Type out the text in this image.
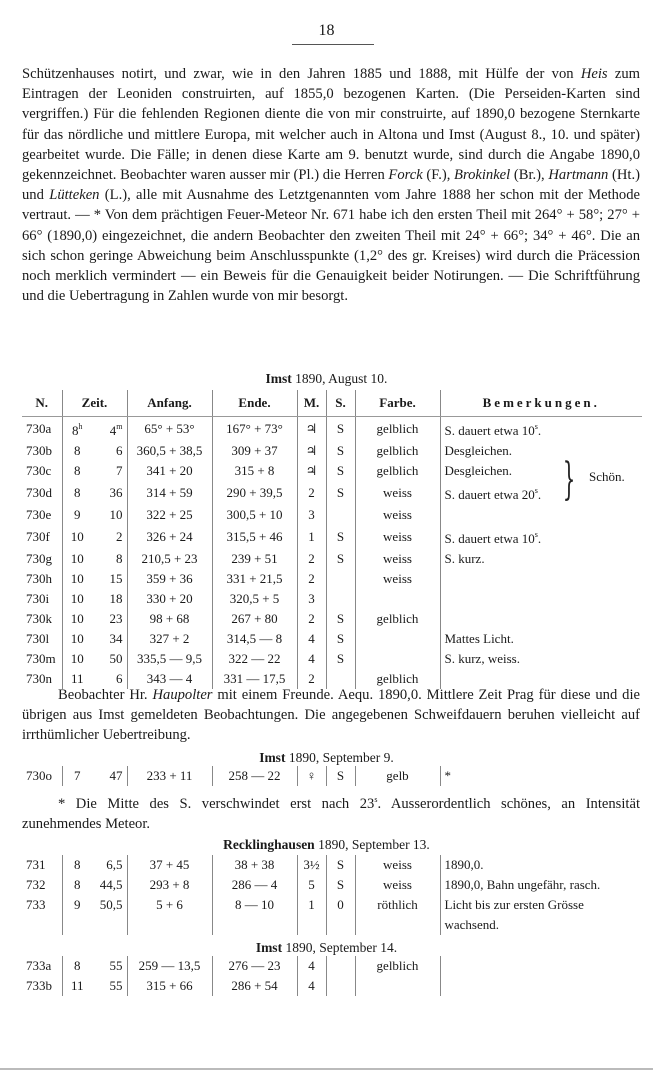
18
Schützenhauses notirt, und zwar, wie in den Jahren 1885 und 1888, mit Hülfe der von Heis zum Eintragen der Leoniden construirten, auf 1855,0 bezogenen Karten. (Die Perseiden-Karten sind vergriffen.) Für die fehlenden Regionen diente die von mir construirte, auf 1890,0 bezogene Sternkarte für das nördliche und mittlere Europa, mit welcher auch in Altona und Imst (August 8., 10. und später) gearbeitet wurde. Die Fälle; in denen diese Karte am 9. benutzt wurde, sind durch die Angabe 1890,0 gekennzeichnet. Beobachter waren ausser mir (Pl.) die Herren Forck (F.), Brokinkel (Br.), Hartmann (Ht.) und Lütteken (L.), alle mit Ausnahme des Letztgenannten vom Jahre 1888 her schon mit der Methode vertraut. — * Von dem prächtigen Feuer-Meteor Nr. 671 habe ich den ersten Theil mit 264° + 58°; 27° + 66° (1890,0) eingezeichnet, die andern Beobachter den zweiten Theil mit 24° + 66°; 34° + 46°. Die an sich schon geringe Abweichung beim Anschlusspunkte (1,2° des gr. Kreises) wird durch die Präcession noch merklich vermindert — ein Beweis für die Genauigkeit beider Notirungen. — Die Schriftführung und die Uebertragung in Zahlen wurde von mir besorgt.
Imst 1890, August 10.
N.	Zeit.		Anfang.	Ende.	M.	S.	Farbe.	Bemerkungen.
730a	8$^h$	4$^m$	65° + 53°	167° + 73°	♃	S	gelblich	S. dauert etwa 10$^s$.
730b	8	6	360,5 + 38,5	309 + 37	♃	S	gelblich	Desgleichen.
730c	8	7	341 + 20	315 + 8	♃	S	gelblich	Desgleichen.
730d	8	36	314 + 59	290 + 39,5	2	S	weiss	S. dauert etwa 20$^s$.
730e	9	10	322 + 25	300,5 + 10	3		weiss	
730f	10	2	326 + 24	315,5 + 46	1	S	weiss	S. dauert etwa 10$^s$.
730g	10	8	210,5 + 23	239 + 51	2	S	weiss	S. kurz.
730h	10	15	359 + 36	331 + 21,5	2		weiss	
730i	10	18	330 + 20	320,5 + 5	3			
730k	10	23	98 + 68	267 + 80	2	S	gelblich	
730l	10	34	327 + 2	314,5 — 8	4	S		Mattes Licht.
730m	10	50	335,5 — 9,5	322 — 22	4	S		S. kurz, weiss.
730n	11	6	343 — 4	331 — 17,5	2		gelblich	
} Schön.
Beobachter Hr. Haupolter mit einem Freunde. Aequ. 1890,0. Mittlere Zeit Prag für diese und die übrigen aus Imst gemeldeten Beobachtungen. Die angegebenen Schweifdauern beruhen vielleicht auf irrthümlicher Uebertreibung.
Imst 1890, September 9.
730o	7	47	233 + 11	258 — 22	♀	S	gelb	*
* Die Mitte des S. verschwindet erst nach 23$^s$. Ausserordentlich schönes, an Intensität zunehmendes Meteor.
Recklinghausen 1890, September 13.
731	8	6,5	37 + 45	38 + 38	3½	S	weiss	1890,0.
732	8	44,5	293 + 8	286 — 4	5	S	weiss	1890,0, Bahn ungefähr, rasch.
733	9	50,5	5 + 6	8 — 10	1	0	röthlich	Licht bis zur ersten Grösse
								wachsend.
Imst 1890, September 14.
733a	8	55	259 — 13,5	276 — 23	4		gelblich	
733b	11	55	315 + 66	286 + 54	4			
